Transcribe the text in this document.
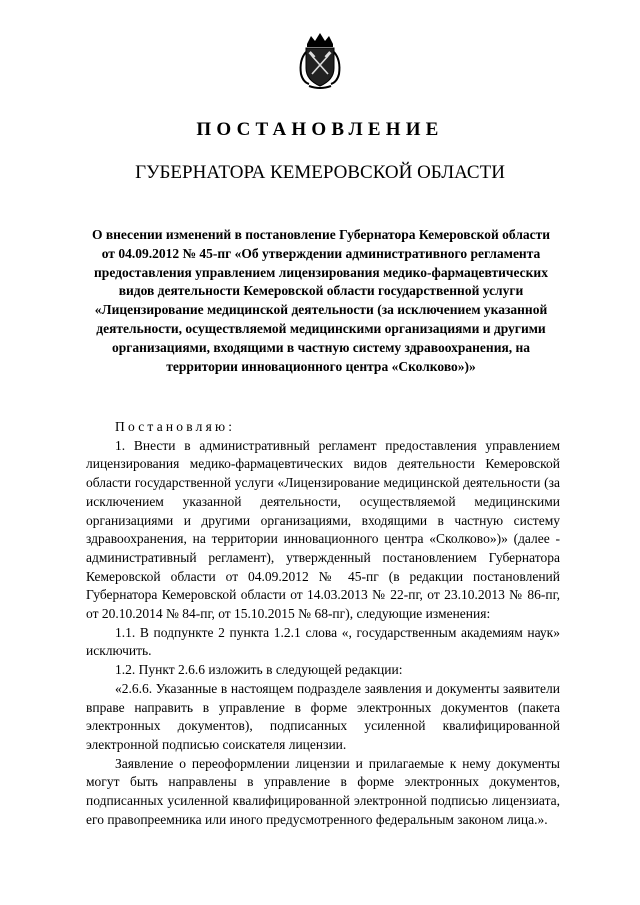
ПОСТАНОВЛЕНИЕ
ГУБЕРНАТОРА КЕМЕРОВСКОЙ ОБЛАСТИ
О внесении изменений в постановление Губернатора Кемеровской области от 04.09.2012 № 45-пг «Об утверждении административного регламента предоставления управлением лицензирования медико-фармацевтических видов деятельности Кемеровской области государственной услуги «Лицензирование медицинской деятельности (за исключением указанной деятельности, осуществляемой медицинскими организациями и другими организациями, входящими в частную систему здравоохранения, на территории инновационного центра «Сколково»)»

Постановляю:

1. Внести в административный регламент предоставления управлением лицензирования медико-фармацевтических видов деятельности Кемеровской области государственной услуги «Лицензирование медицинской деятельности (за исключением указанной деятельности, осуществляемой медицинскими организациями и другими организациями, входящими в частную систему здравоохранения, на территории инновационного центра «Сколково»)» (далее - административный регламент), утвержденный постановлением Губернатора Кемеровской области от 04.09.2012 № 45-пг (в редакции постановлений Губернатора Кемеровской области от 14.03.2013 № 22-пг, от 23.10.2013 № 86-пг, от 20.10.2014 № 84-пг, от 15.10.2015 № 68-пг), следующие изменения:

1.1. В подпункте 2 пункта 1.2.1 слова «, государственным академиям наук» исключить.

1.2. Пункт 2.6.6 изложить в следующей редакции:

«2.6.6. Указанные в настоящем подразделе заявления и документы заявители вправе направить в управление в форме электронных документов (пакета электронных документов), подписанных усиленной квалифицированной электронной подписью соискателя лицензии.

Заявление о переоформлении лицензии и прилагаемые к нему документы могут быть направлены в управление в форме электронных документов, подписанных усиленной квалифицированной электронной подписью лицензиата, его правопреемника или иного предусмотренного федеральным законом лица.».
